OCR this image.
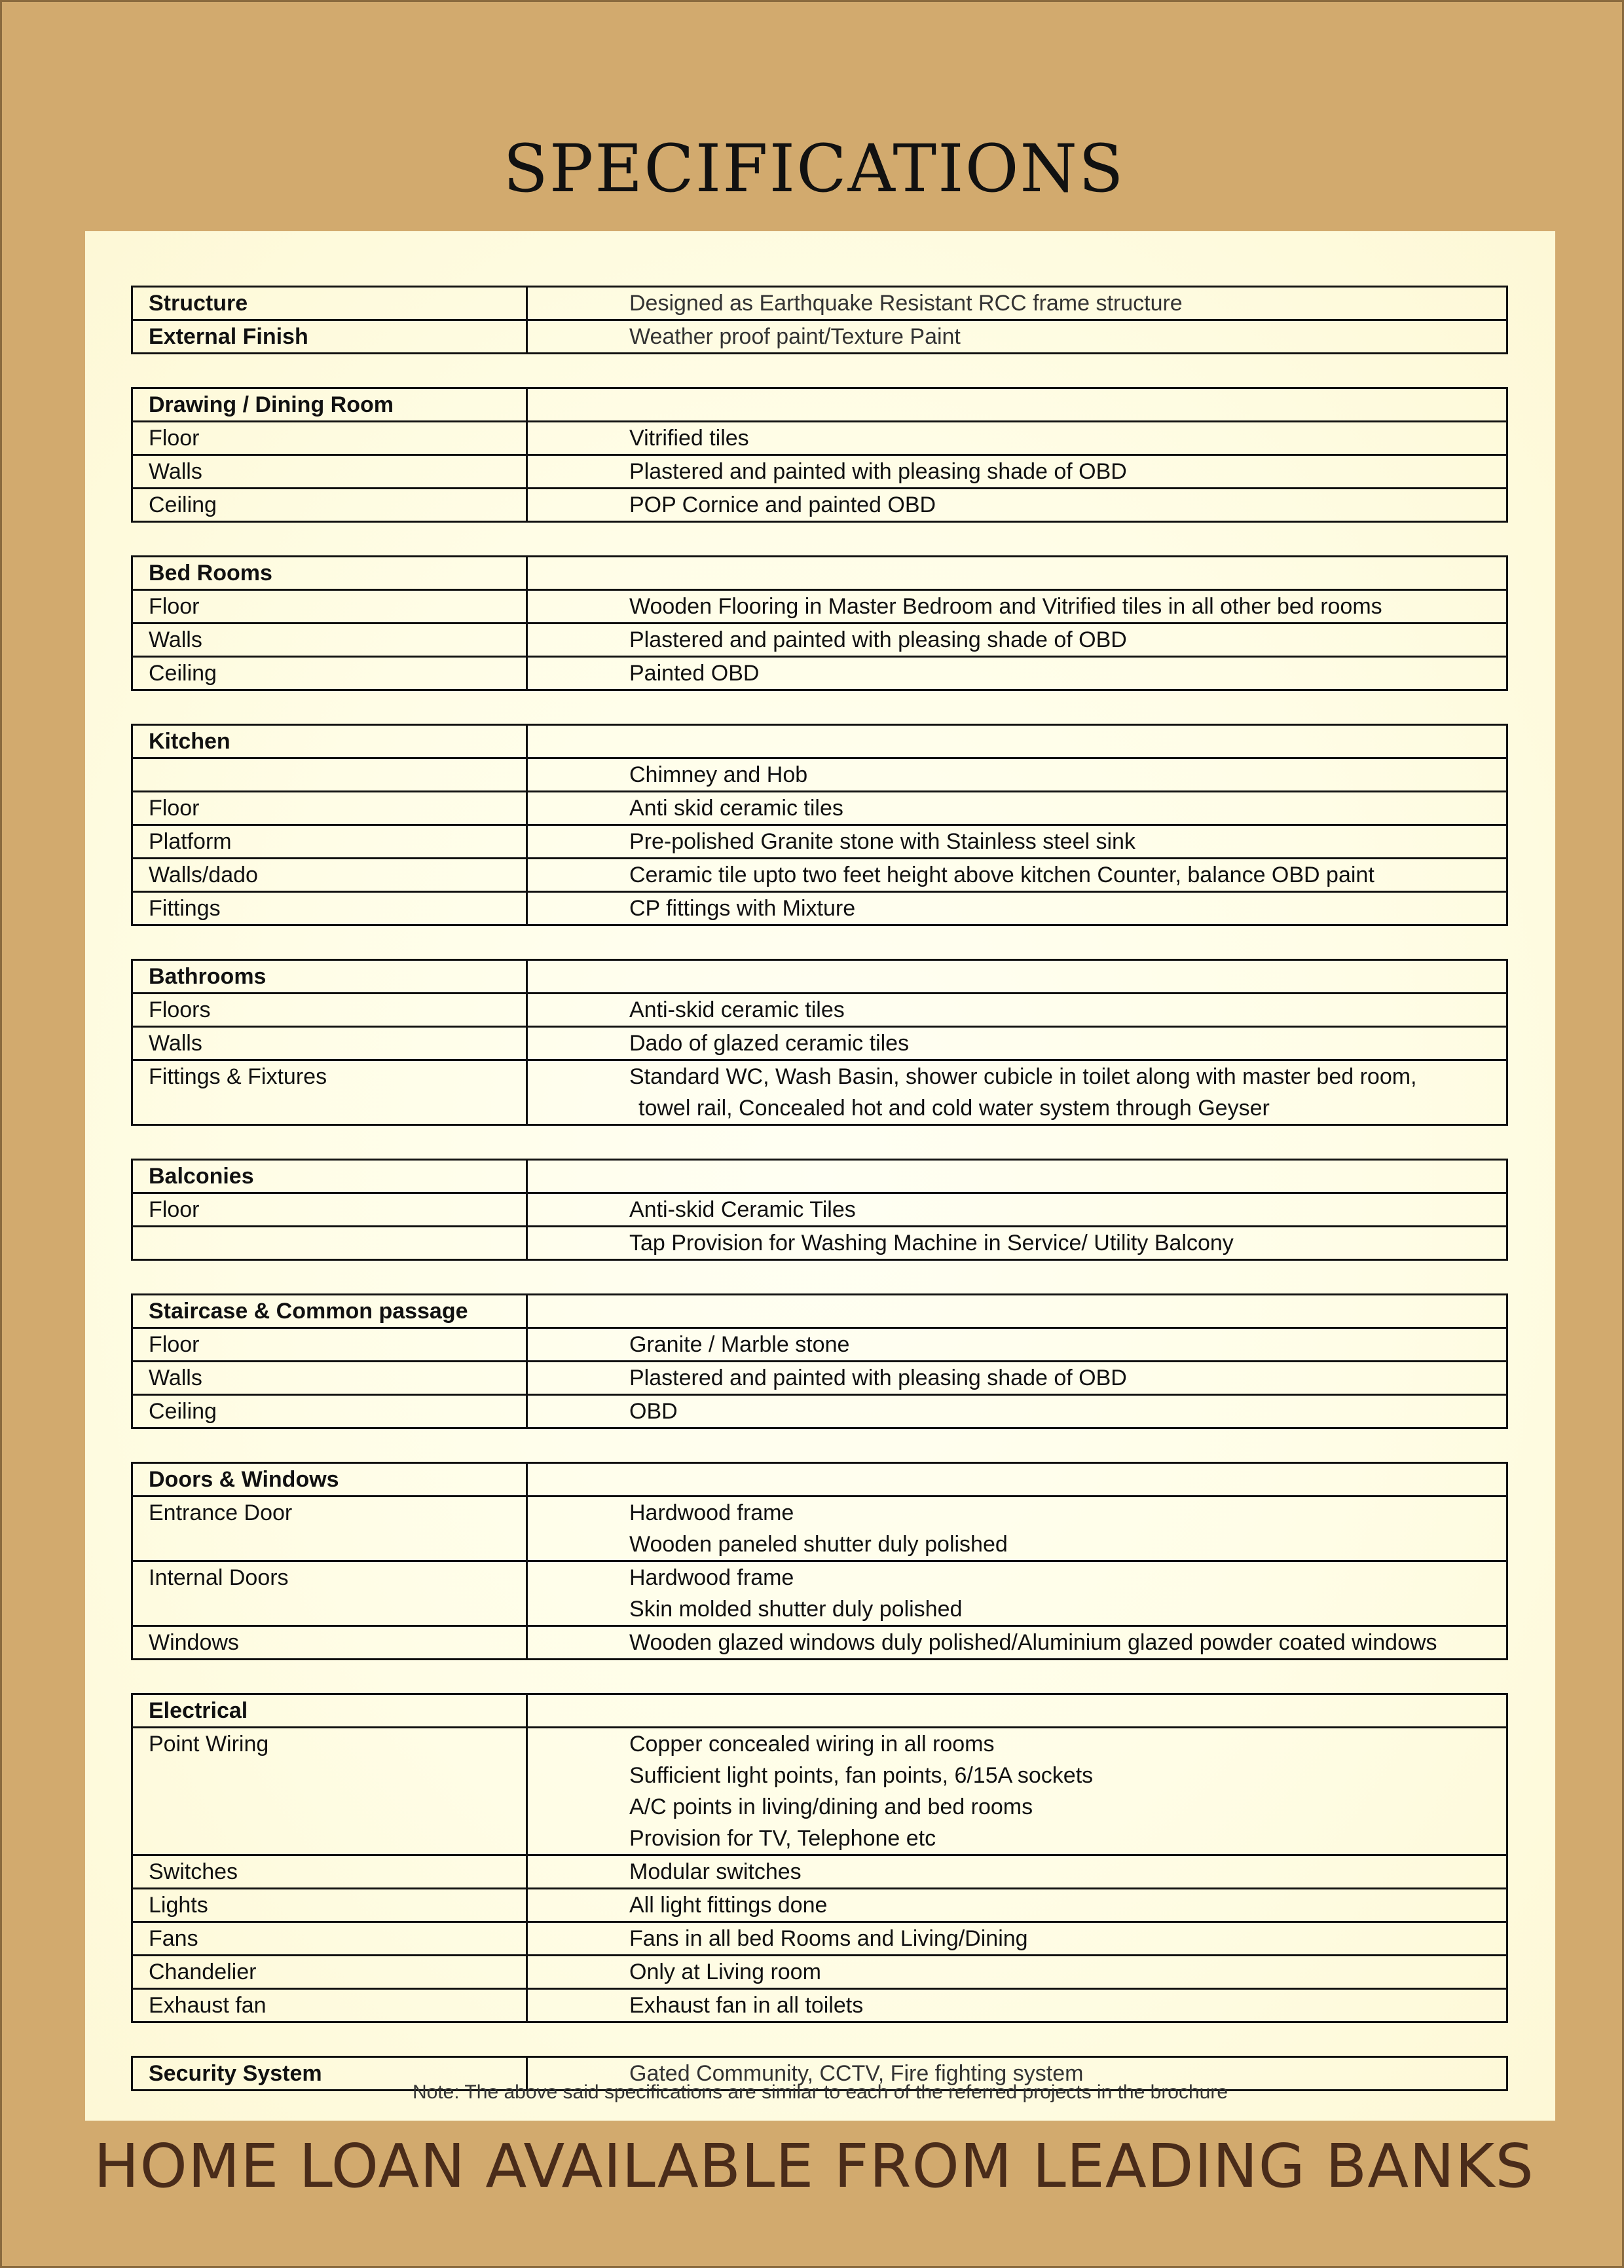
SPECIFICATIONS
Structure	Designed as Earthquake Resistant RCC frame structure

External Finish	Weather proof paint/Texture Paint
Drawing / Dining Room	
Floor	Vitrified tiles

Walls	Plastered and painted with pleasing shade of OBD

Ceiling	POP Cornice and painted OBD
Bed Rooms	
Floor	Wooden Flooring in Master Bedroom and Vitrified tiles in all other bed rooms

Walls	Plastered and painted with pleasing shade of OBD

Ceiling	Painted OBD
Kitchen	

	Chimney and Hob

Floor	Anti skid ceramic tiles

Platform	Pre-polished Granite stone with Stainless steel sink

Walls/dado	Ceramic tile upto two feet height above kitchen Counter, balance OBD paint

Fittings	CP fittings with Mixture
Bathrooms	
Floors	Anti-skid ceramic tiles

Walls	Dado of glazed ceramic tiles

Fittings & Fixtures	Standard WC, Wash Basin, shower cubicle in toilet along with master bed room,
towel rail, Concealed hot and cold water system through Geyser
Balconies	
Floor	Anti-skid Ceramic Tiles

	Tap Provision for Washing Machine in Service/ Utility Balcony
Staircase & Common passage	
Floor	Granite / Marble stone

Walls	Plastered and painted with pleasing shade of OBD

Ceiling	OBD
Doors & Windows	
Entrance Door	Hardwood frame
Wooden paneled shutter duly polished

Internal Doors	Hardwood frame
Skin molded shutter duly polished

Windows	Wooden glazed windows duly polished/Aluminium glazed powder coated windows
Electrical	
Point Wiring	Copper concealed wiring in all rooms
Sufficient light points, fan points, 6/15A sockets
A/C points in living/dining and bed rooms
Provision for TV, Telephone etc

Switches	Modular switches

Lights	All light fittings done

Fans	Fans in all bed Rooms and Living/Dining

Chandelier	Only at Living room

Exhaust fan	Exhaust fan in all toilets
Security System	Gated Community, CCTV, Fire fighting system
Note: The above said specifications are similar to each of the referred projects in the brochure
HOME LOAN AVAILABLE FROM LEADING BANKS
